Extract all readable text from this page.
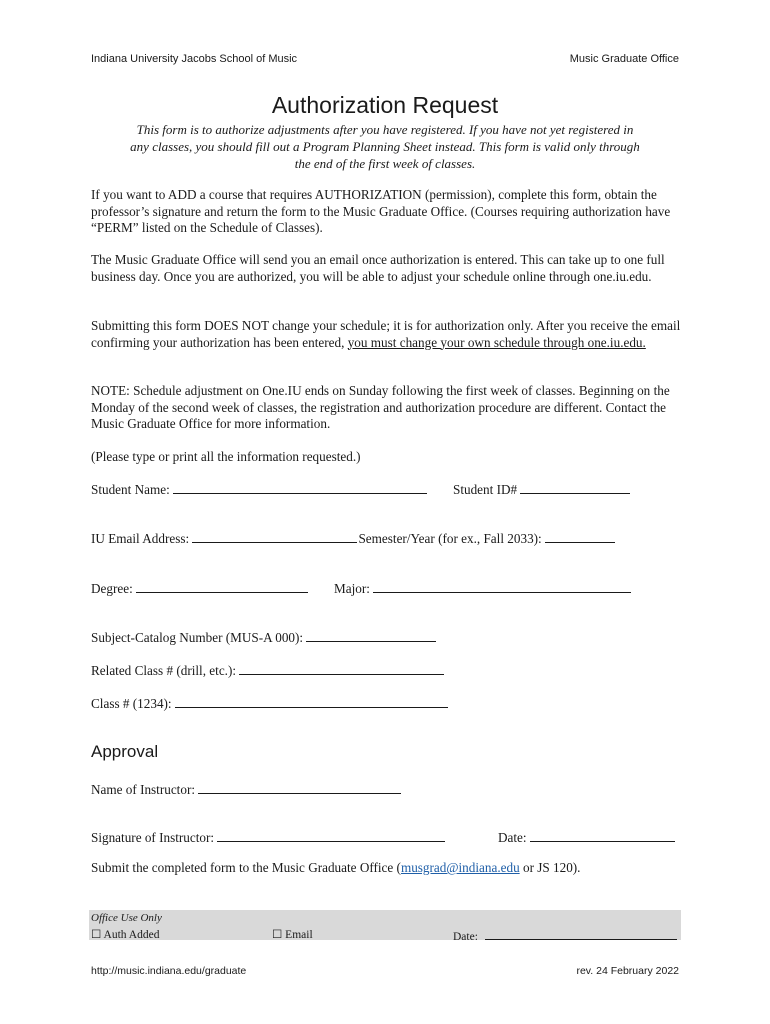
Indiana University Jacobs School of Music	Music Graduate Office
Authorization Request
This form is to authorize adjustments after you have registered. If you have not yet registered in any classes, you should fill out a Program Planning Sheet instead. This form is valid only through the end of the first week of classes.
If you want to ADD a course that requires AUTHORIZATION (permission), complete this form, obtain the professor’s signature and return the form to the Music Graduate Office. (Courses requiring authorization have “PERM” listed on the Schedule of Classes).
The Music Graduate Office will send you an email once authorization is entered. This can take up to one full business day. Once you are authorized, you will be able to adjust your schedule online through one.iu.edu.
Submitting this form DOES NOT change your schedule; it is for authorization only. After you receive the email confirming your authorization has been entered, you must change your own schedule through one.iu.edu.
NOTE: Schedule adjustment on One.IU ends on Sunday following the first week of classes. Beginning on the Monday of the second week of classes, the registration and authorization procedure are different. Contact the Music Graduate Office for more information.
(Please type or print all the information requested.)
Student Name:	Student ID#
IU Email Address:	Semester/Year (for ex., Fall 2033):
Degree:	Major:
Subject-Catalog Number (MUS-A 000):
Related Class # (drill, etc.):
Class # (1234):
Approval
Name of Instructor:
Signature of Instructor:	Date:
Submit the completed form to the Music Graduate Office (musgrad@indiana.edu or JS 120).
Office Use Only
☐ Auth Added	☐ Email	Date:
http://music.indiana.edu/graduate	rev. 24 February 2022
